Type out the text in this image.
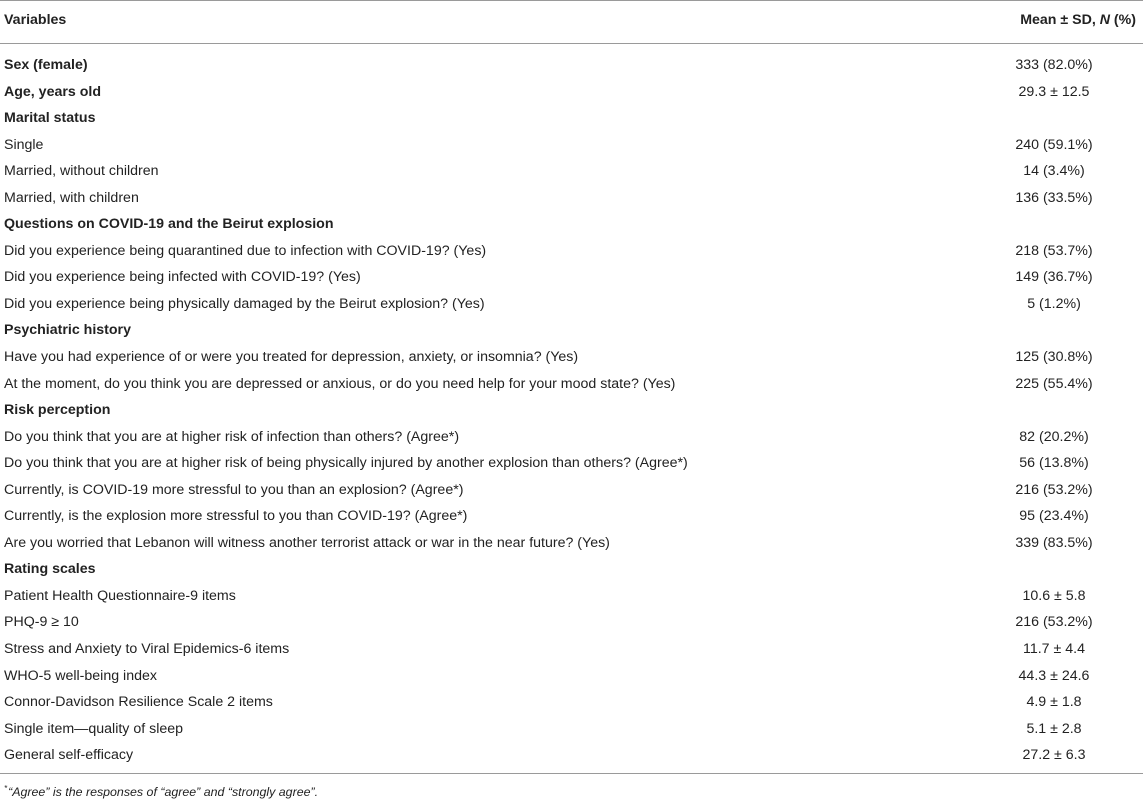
Variables	Mean ± SD, N (%)
Sex (female)	333 (82.0%)
Age, years old	29.3 ± 12.5
Marital status
Single	240 (59.1%)
Married, without children	14 (3.4%)
Married, with children	136 (33.5%)
Questions on COVID-19 and the Beirut explosion
Did you experience being quarantined due to infection with COVID-19? (Yes)	218 (53.7%)
Did you experience being infected with COVID-19? (Yes)	149 (36.7%)
Did you experience being physically damaged by the Beirut explosion? (Yes)	5 (1.2%)
Psychiatric history
Have you had experience of or were you treated for depression, anxiety, or insomnia? (Yes)	125 (30.8%)
At the moment, do you think you are depressed or anxious, or do you need help for your mood state? (Yes)	225 (55.4%)
Risk perception
Do you think that you are at higher risk of infection than others? (Agree*)	82 (20.2%)
Do you think that you are at higher risk of being physically injured by another explosion than others? (Agree*)	56 (13.8%)
Currently, is COVID-19 more stressful to you than an explosion? (Agree*)	216 (53.2%)
Currently, is the explosion more stressful to you than COVID-19? (Agree*)	95 (23.4%)
Are you worried that Lebanon will witness another terrorist attack or war in the near future? (Yes)	339 (83.5%)
Rating scales
Patient Health Questionnaire-9 items	10.6 ± 5.8
PHQ-9 ≥ 10	216 (53.2%)
Stress and Anxiety to Viral Epidemics-6 items	11.7 ± 4.4
WHO-5 well-being index	44.3 ± 24.6
Connor-Davidson Resilience Scale 2 items	4.9 ± 1.8
Single item—quality of sleep	5.1 ± 2.8
General self-efficacy	27.2 ± 6.3
*“Agree” is the responses of “agree” and “strongly agree”.
